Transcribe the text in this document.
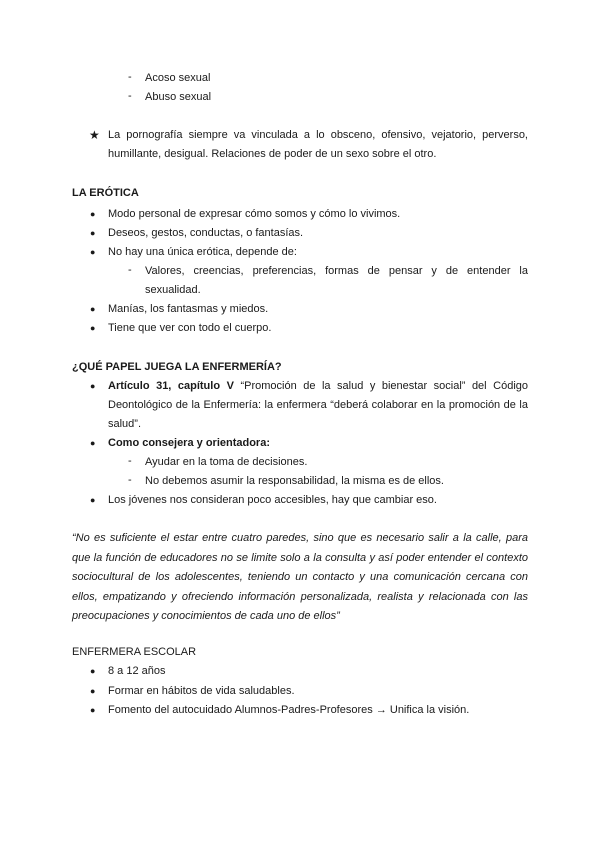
-	Acoso sexual
-	Abuso sexual
★ La pornografía siempre va vinculada a lo obsceno, ofensivo, vejatorio, perverso, humillante, desigual. Relaciones de poder de un sexo sobre el otro.
LA ERÓTICA
● Modo personal de expresar cómo somos y cómo lo vivimos.
● Deseos, gestos, conductas, o fantasías.
● No hay una única erótica, depende de:
-	Valores, creencias, preferencias, formas de pensar y de entender la sexualidad.
● Manías, los fantasmas y miedos.
● Tiene que ver con todo el cuerpo.
¿QUÉ PAPEL JUEGA LA ENFERMERÍA?
● Artículo 31, capítulo V “Promoción de la salud y bienestar social” del Código Deontológico de la Enfermería: la enfermera “deberá colaborar en la promoción de la salud”.
● Como consejera y orientadora:
-	Ayudar en la toma de decisiones.
-	No debemos asumir la responsabilidad, la misma es de ellos.
● Los jóvenes nos consideran poco accesibles, hay que cambiar eso.
“No es suficiente el estar entre cuatro paredes, sino que es necesario salir a la calle, para que la función de educadores no se limite solo a la consulta y así poder entender el contexto sociocultural de los adolescentes, teniendo un contacto y una comunicación cercana con ellos, empatizando y ofreciendo información personalizada, realista y relacionada con las preocupaciones y conocimientos de cada uno de ellos”
ENFERMERA ESCOLAR
● 8 a 12 años
● Formar en hábitos de vida saludables.
● Fomento del autocuidado Alumnos-Padres-Profesores → Unifica la visión.
